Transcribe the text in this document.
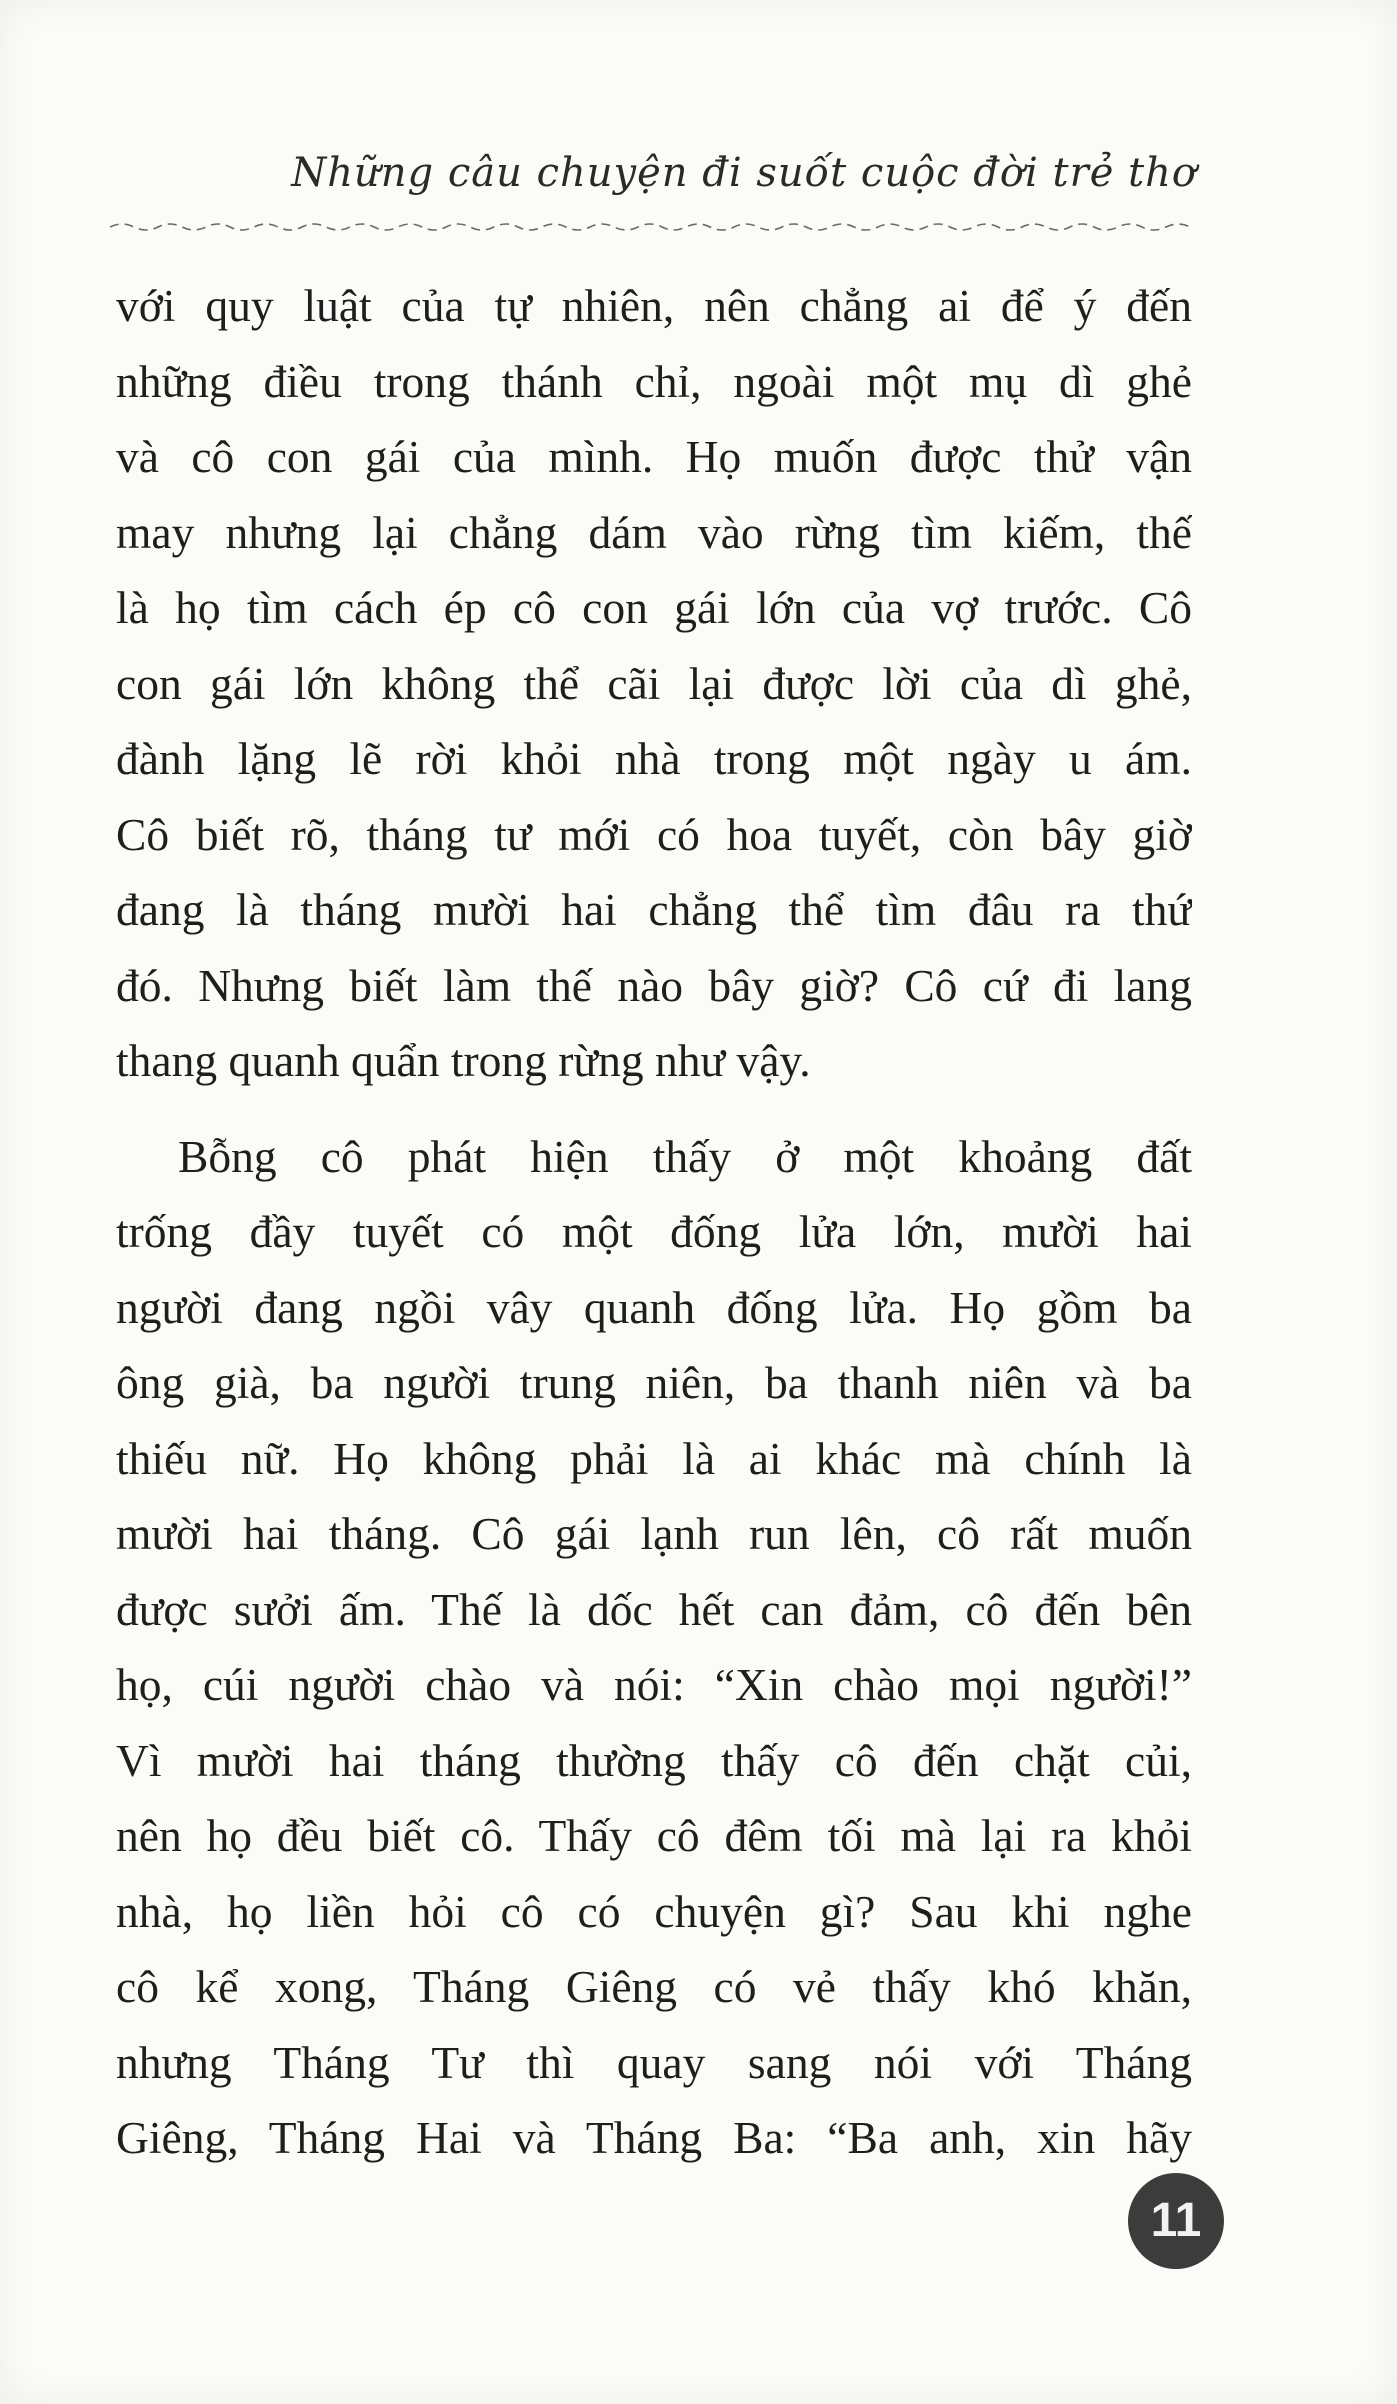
Những câu chuyện đi suốt cuộc đời trẻ thơ
với quy luật của tự nhiên, nên chẳng ai để ý đến
những điều trong thánh chỉ, ngoài một mụ dì ghẻ
và cô con gái của mình. Họ muốn được thử vận
may nhưng lại chẳng dám vào rừng tìm kiếm, thế
là họ tìm cách ép cô con gái lớn của vợ trước. Cô
con gái lớn không thể cãi lại được lời của dì ghẻ,
đành lặng lẽ rời khỏi nhà trong một ngày u ám.
Cô biết rõ, tháng tư mới có hoa tuyết, còn bây giờ
đang là tháng mười hai chẳng thể tìm đâu ra thứ
đó. Nhưng biết làm thế nào bây giờ? Cô cứ đi lang
thang quanh quẩn trong rừng như vậy.
Bỗng cô phát hiện thấy ở một khoảng đất
trống đầy tuyết có một đống lửa lớn, mười hai
người đang ngồi vây quanh đống lửa. Họ gồm ba
ông già, ba người trung niên, ba thanh niên và ba
thiếu nữ. Họ không phải là ai khác mà chính là
mười hai tháng. Cô gái lạnh run lên, cô rất muốn
được sưởi ấm. Thế là dốc hết can đảm, cô đến bên
họ, cúi người chào và nói: “Xin chào mọi người!”
Vì mười hai tháng thường thấy cô đến chặt củi,
nên họ đều biết cô. Thấy cô đêm tối mà lại ra khỏi
nhà, họ liền hỏi cô có chuyện gì? Sau khi nghe
cô kể xong, Tháng Giêng có vẻ thấy khó khăn,
nhưng Tháng Tư thì quay sang nói với Tháng
Giêng, Tháng Hai và Tháng Ba: “Ba anh, xin hãy
11
